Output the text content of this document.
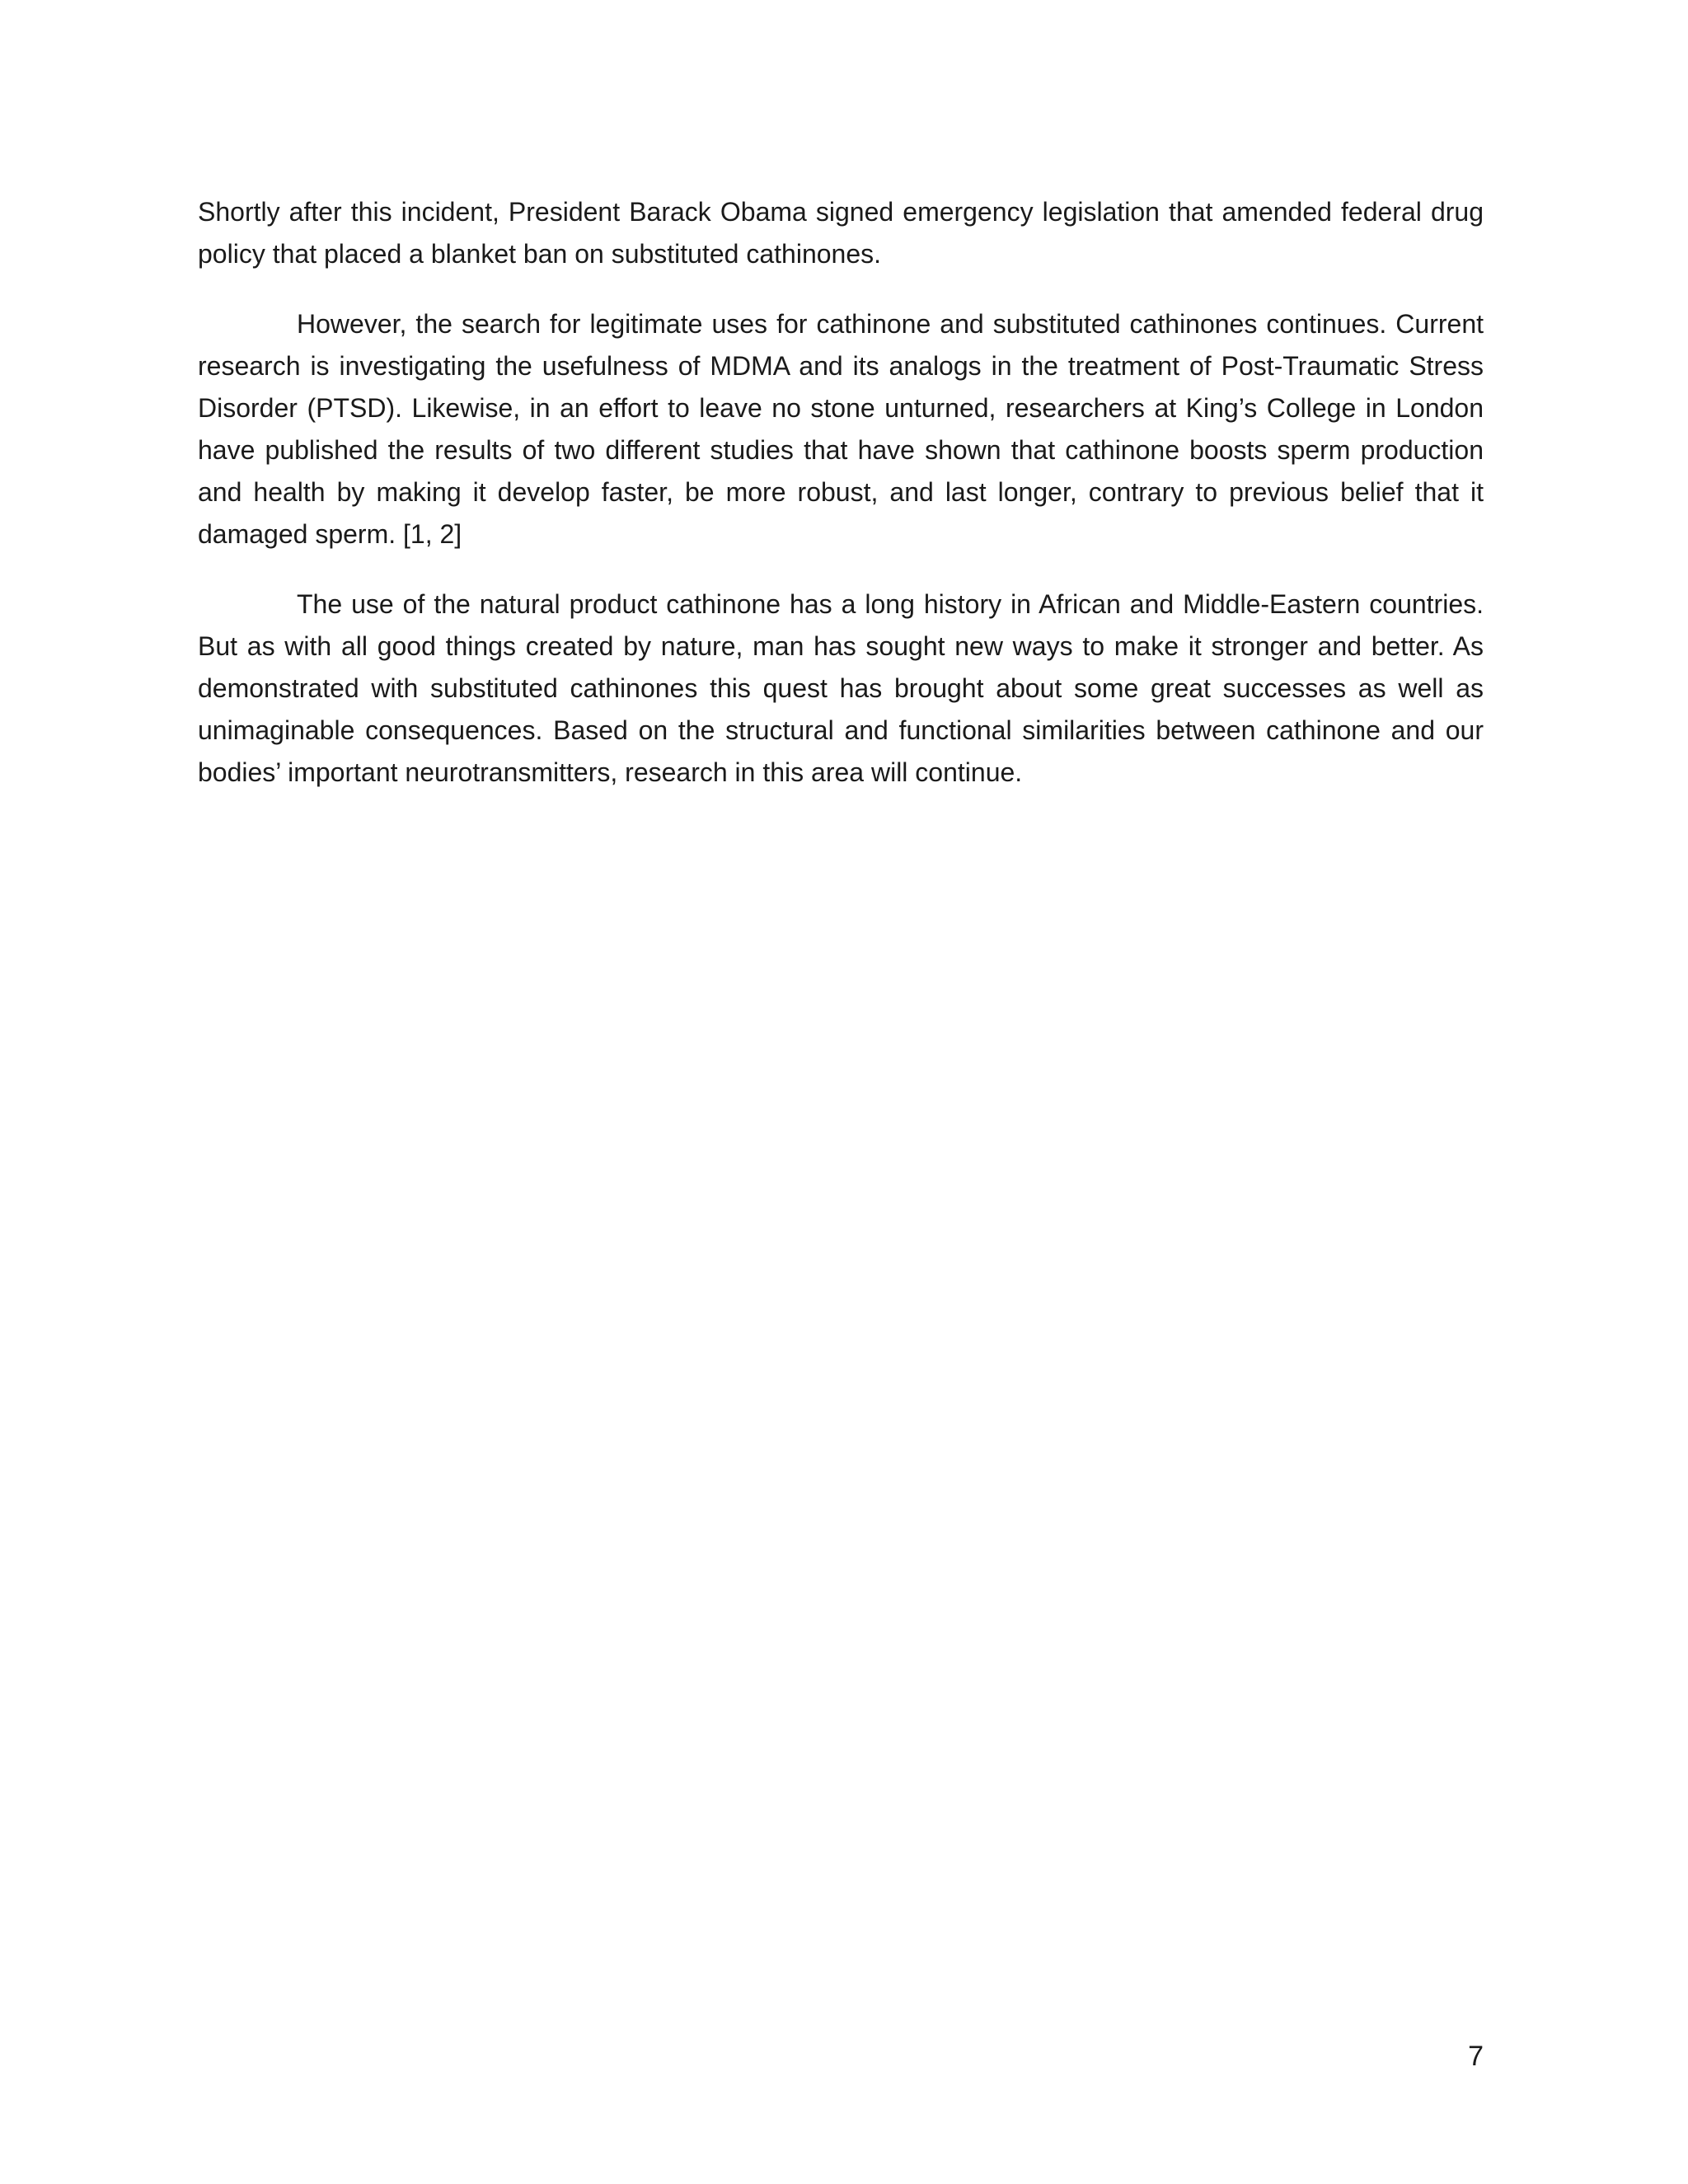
Shortly after this incident, President Barack Obama signed emergency legislation that amended federal drug policy that placed a blanket ban on substituted cathinones.

However, the search for legitimate uses for cathinone and substituted cathinones continues. Current research is investigating the usefulness of MDMA and its analogs in the treatment of Post-Traumatic Stress Disorder (PTSD). Likewise, in an effort to leave no stone unturned, researchers at King’s College in London have published the results of two different studies that have shown that cathinone boosts sperm production and health by making it develop faster, be more robust, and last longer, contrary to previous belief that it damaged sperm. [1, 2]

The use of the natural product cathinone has a long history in African and Middle-Eastern countries. But as with all good things created by nature, man has sought new ways to make it stronger and better. As demonstrated with substituted cathinones this quest has brought about some great successes as well as unimaginable consequences. Based on the structural and functional similarities between cathinone and our bodies’ important neurotransmitters, research in this area will continue.

7
